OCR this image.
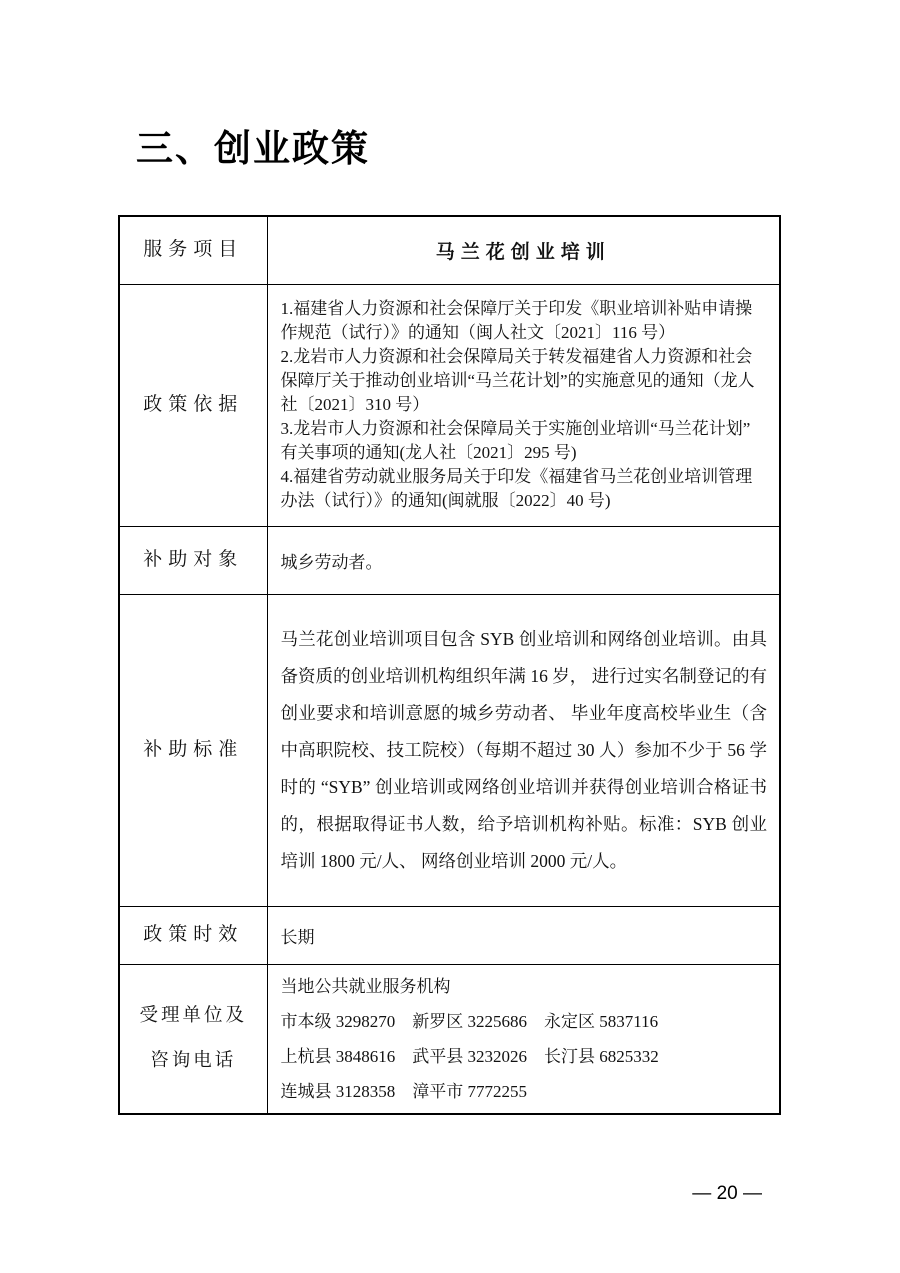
三、创业政策
服务项目	马兰花创业培训
政策依据	1.福建省人力资源和社会保障厅关于印发《职业培训补贴申请操作规范（试行）》的通知（闽人社文〔2021〕116 号）
2.龙岩市人力资源和社会保障局关于转发福建省人力资源和社会保障厅关于推动创业培训“马兰花计划”的实施意见的通知（龙人社〔2021〕310 号）
3.龙岩市人力资源和社会保障局关于实施创业培训“马兰花计划” 有关事项的通知(龙人社〔2021〕295 号)
4.福建省劳动就业服务局关于印发《福建省马兰花创业培训管理办法（试行）》的通知(闽就服〔2022〕40 号)

补助对象	城乡劳动者。
补助标准	马兰花创业培训项目包含 SYB 创业培训和网络创业培训。由具备资质的创业培训机构组织年满 16 岁， 进行过实名制登记的有创业要求和培训意愿的城乡劳动者、 毕业年度高校毕业生（含中高职院校、技工院校）（每期不超过 30 人）参加不少于 56 学时的 “SYB” 创业培训或网络创业培训并获得创业培训合格证书的，根据取得证书人数，给予培训机构补贴。标准：SYB 创业培训 1800 元/人、 网络创业培训 2000 元/人。
政策时效	长期
受理单位及咨询电话	当地公共就业服务机构
市本级 3298270　新罗区 3225686　永定区 5837116
上杭县 3848616　武平县 3232026　长汀县 6825332
连城县 3128358　漳平市 7772255
— 20 —
